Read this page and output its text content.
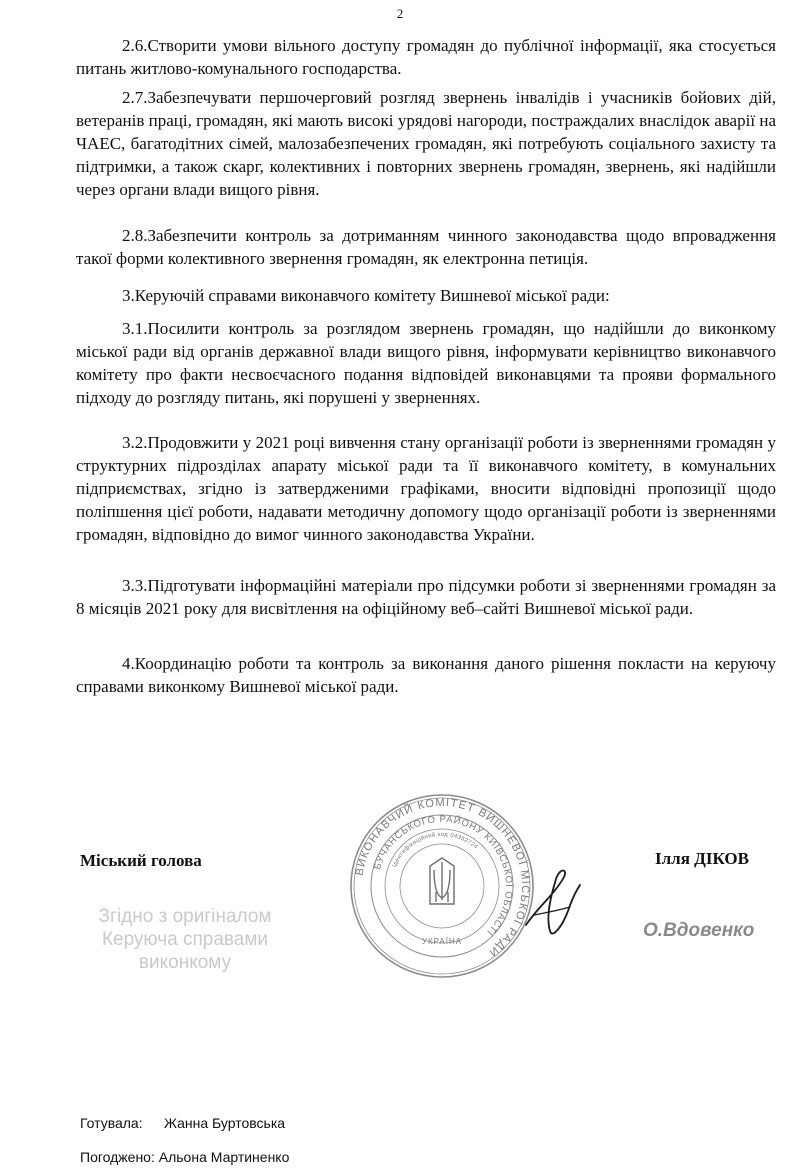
2

2.6.Створити умови вільного доступу громадян до публічної інформації, яка стосується питань житлово-комунального господарства.

2.7.Забезпечувати першочерговий розгляд звернень інвалідів і учасників бойових дій, ветеранів праці, громадян, які мають високі урядові нагороди, постраждалих внаслідок аварії на ЧАЕС, багатодітних сімей, малозабезпечених громадян, які потребують соціального захисту та підтримки, а також скарг, колективних і повторних звернень громадян, звернень, які надійшли через органи влади вищого рівня.

2.8.Забезпечити контроль за дотриманням чинного законодавства щодо впровадження такої форми колективного звернення громадян, як електронна петиція.

3.Керуючій справами виконавчого комітету Вишневої міської ради:

3.1.Посилити контроль за розглядом звернень громадян, що надійшли до виконкому міської ради від органів державної влади вищого рівня, інформувати керівництво виконавчого комітету про факти несвоєчасного подання відповідей виконавцями та прояви формального підходу до розгляду питань, які порушені у зверненнях.

3.2.Продовжити у 2021 році вивчення стану організації роботи із зверненнями громадян у структурних підрозділах апарату міської ради та її виконавчого комітету, в комунальних підприємствах, згідно із затвердженими графіками, вносити відповідні пропозиції щодо поліпшення цієї роботи, надавати методичну допомогу щодо організації роботи із зверненнями громадян, відповідно до вимог чинного законодавства України.

3.3.Підготувати інформаційні матеріали про підсумки роботи зі зверненнями громадян за 8 місяців 2021 року для висвітлення на офіційному веб–сайті Вишневої міської ради.

4.Координацію роботи та контроль за виконання даного рішення покласти на керуючу справами виконкому Вишневої міської ради.

Міський голова	Ілля ДІКОВ
ВИКОНАВЧИЙ КОМІТЕТ ВИШНЕВОЇ МІСЬКОЇ РАДИ
БУЧАНСЬКОГО РАЙОНУ КИЇВСЬКОЇ ОБЛАСТІ
Ідентифікаційний код 04362724
УКРАЇНА
Згідно з оригіналом
Керуюча справами
виконкому
О.Вдовенко
Готувала: Жанна Буртовська
Погоджено: Альона Мартиненко
